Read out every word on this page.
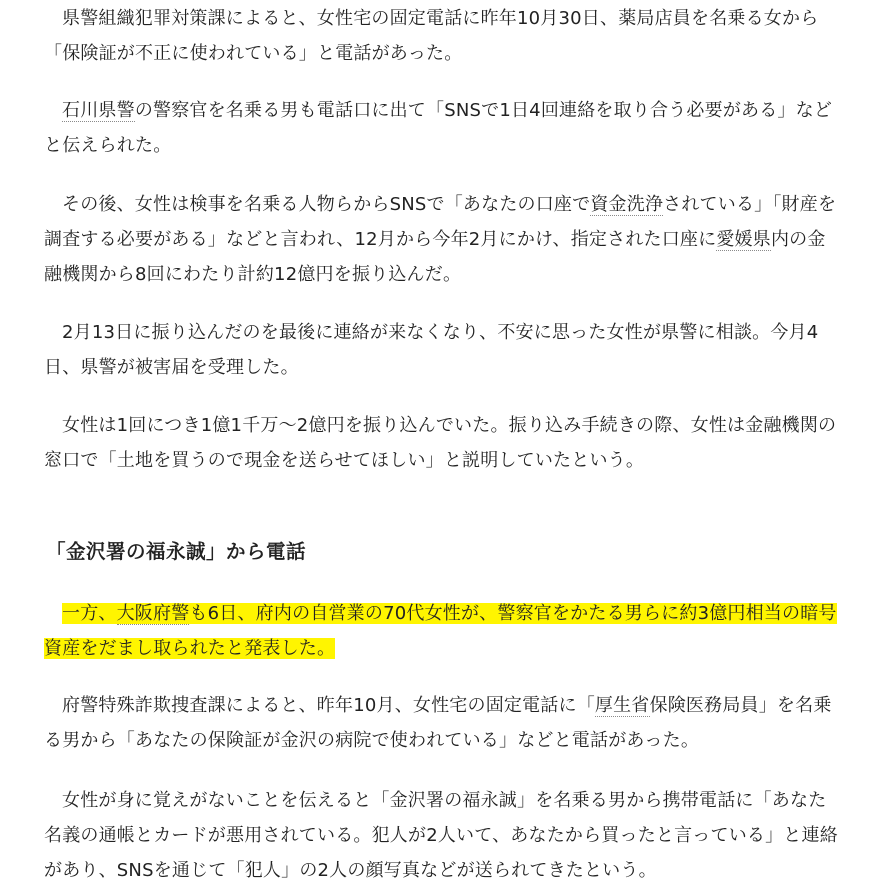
県警組織犯罪対策課によると、女性宅の固定電話に昨年10月30日、薬局店員を名乗る女から「保険証が不正に使われている」と電話があった。

石川県警の警察官を名乗る男も電話口に出て「SNSで1日4回連絡を取り合う必要がある」などと伝えられた。

その後、女性は検事を名乗る人物らからSNSで「あなたの口座で資金洗浄されている」「財産を調査する必要がある」などと言われ、12月から今年2月にかけ、指定された口座に愛媛県内の金融機関から8回にわたり計約12億円を振り込んだ。

2月13日に振り込んだのを最後に連絡が来なくなり、不安に思った女性が県警に相談。今月4日、県警が被害届を受理した。

女性は1回につき1億1千万～2億円を振り込んでいた。振り込み手続きの際、女性は金融機関の窓口で「土地を買うので現金を送らせてほしい」と説明していたという。

「金沢署の福永誠」から電話

一方、大阪府警も6日、府内の自営業の70代女性が、警察官をかたる男らに約3億円相当の暗号資産をだまし取られたと発表した。

府警特殊詐欺捜査課によると、昨年10月、女性宅の固定電話に「厚生省保険医務局員」を名乗る男から「あなたの保険証が金沢の病院で使われている」などと電話があった。

女性が身に覚えがないことを伝えると「金沢署の福永誠」を名乗る男から携帯電話に「あなた名義の通帳とカードが悪用されている。犯人が2人いて、あなたから買ったと言っている」と連絡があり、SNSを通じて「犯人」の2人の顔写真などが送られてきたという。
